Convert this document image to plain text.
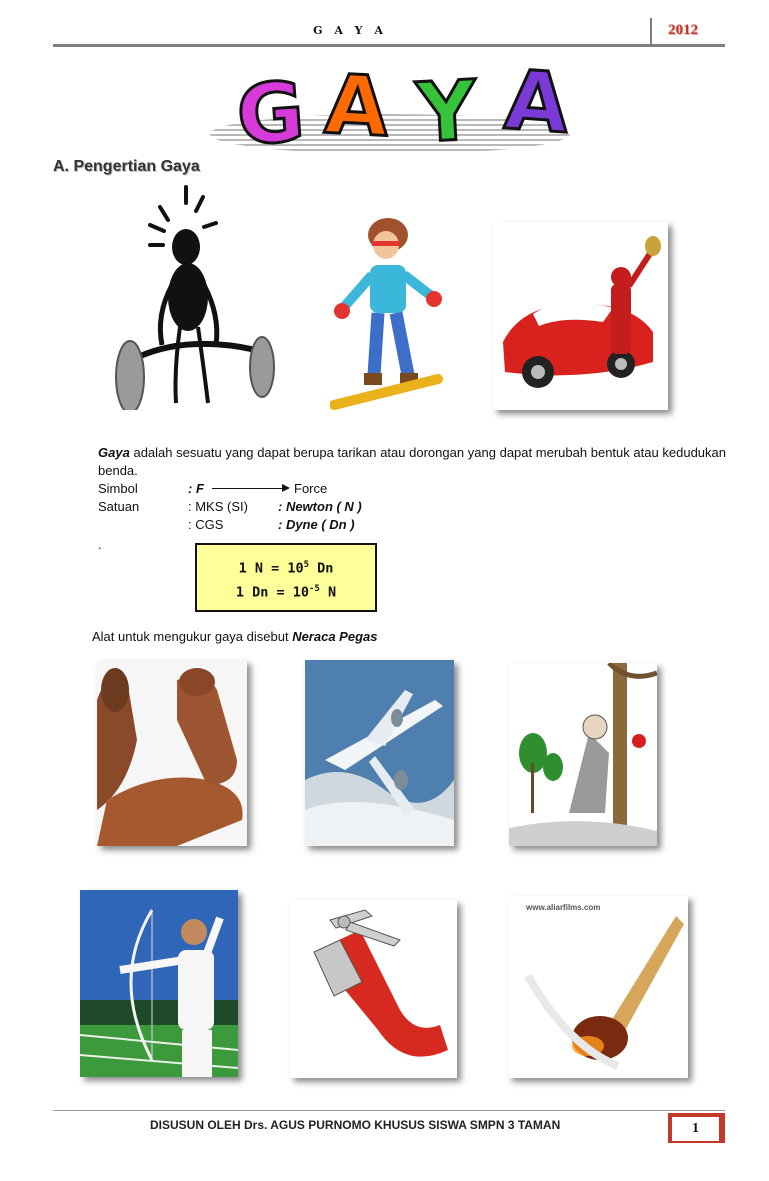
G A Y A	2012
G A Y A
A. Pengertian Gaya
Gaya adalah sesuatu yang dapat berupa tarikan atau dorongan yang dapat merubah bentuk atau kedudukan benda.
Simbol	: F	Force
Satuan	: MKS (SI) : Newton ( N )
: CGS	: Dyne ( Dn )
.
1 $N = 10^5$ Dn
1 $Dn = 10^{-5}$ N
Alat untuk mengukur gaya disebut Neraca Pegas
www.aliarfilms.com
DISUSUN OLEH Drs. AGUS PURNOMO KHUSUS SISWA SMPN 3 TAMAN	1
